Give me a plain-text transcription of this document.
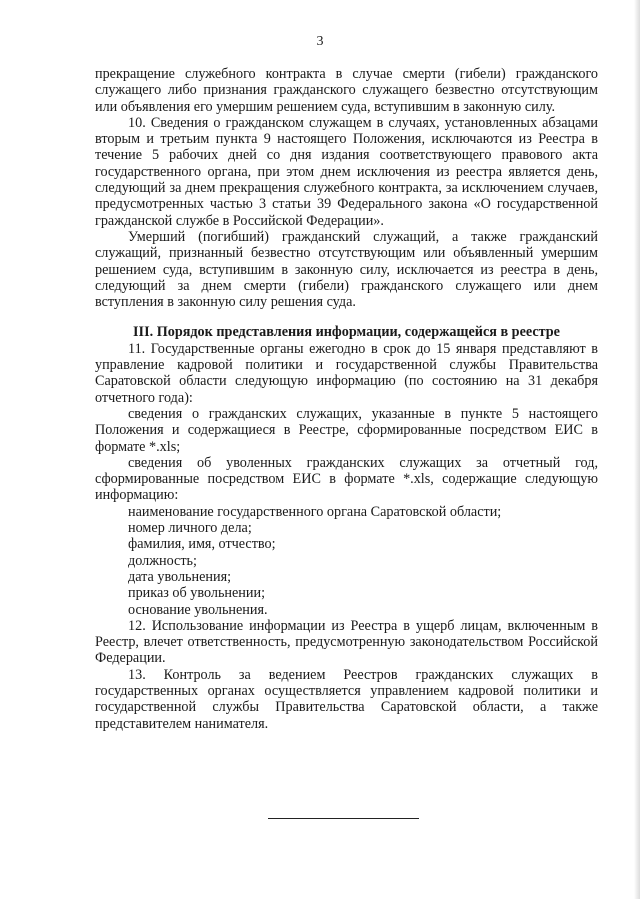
3

прекращение служебного контракта в случае смерти (гибели) гражданского служащего либо признания гражданского служащего безвестно отсутствующим или объявления его умершим решением суда, вступившим в законную силу.

10. Сведения о гражданском служащем в случаях, установленных абзацами вторым и третьим пункта 9 настоящего Положения, исключаются из Реестра в течение 5 рабочих дней со дня издания соответствующего правового акта государственного органа, при этом днем исключения из реестра является день, следующий за днем прекращения служебного контракта, за исключением случаев, предусмотренных частью 3 статьи 39 Федерального закона «О государственной гражданской службе в Российской Федерации».

Умерший (погибший) гражданский служащий, а также гражданский служащий, признанный безвестно отсутствующим или объявленный умершим решением суда, вступившим в законную силу, исключается из реестра в день, следующий за днем смерти (гибели) гражданского служащего или днем вступления в законную силу решения суда.

III. Порядок представления информации, содержащейся в реестре

11. Государственные органы ежегодно в срок до 15 января представляют в управление кадровой политики и государственной службы Правительства Саратовской области следующую информацию (по состоянию на 31 декабря отчетного года):

сведения о гражданских служащих, указанные в пункте 5 настоящего Положения и содержащиеся в Реестре, сформированные посредством ЕИС в формате *.xls;

сведения об уволенных гражданских служащих за отчетный год, сформированные посредством ЕИС в формате *.xls, содержащие следующую информацию:

наименование государственного органа Саратовской области;

номер личного дела;

фамилия, имя, отчество;

должность;

дата увольнения;

приказ об увольнении;

основание увольнения.

12. Использование информации из Реестра в ущерб лицам, включенным в Реестр, влечет ответственность, предусмотренную законодательством Российской Федерации.

13. Контроль за ведением Реестров гражданских служащих в государственных органах осуществляется управлением кадровой политики и государственной службы Правительства Саратовской области, а также представителем нанимателя.
